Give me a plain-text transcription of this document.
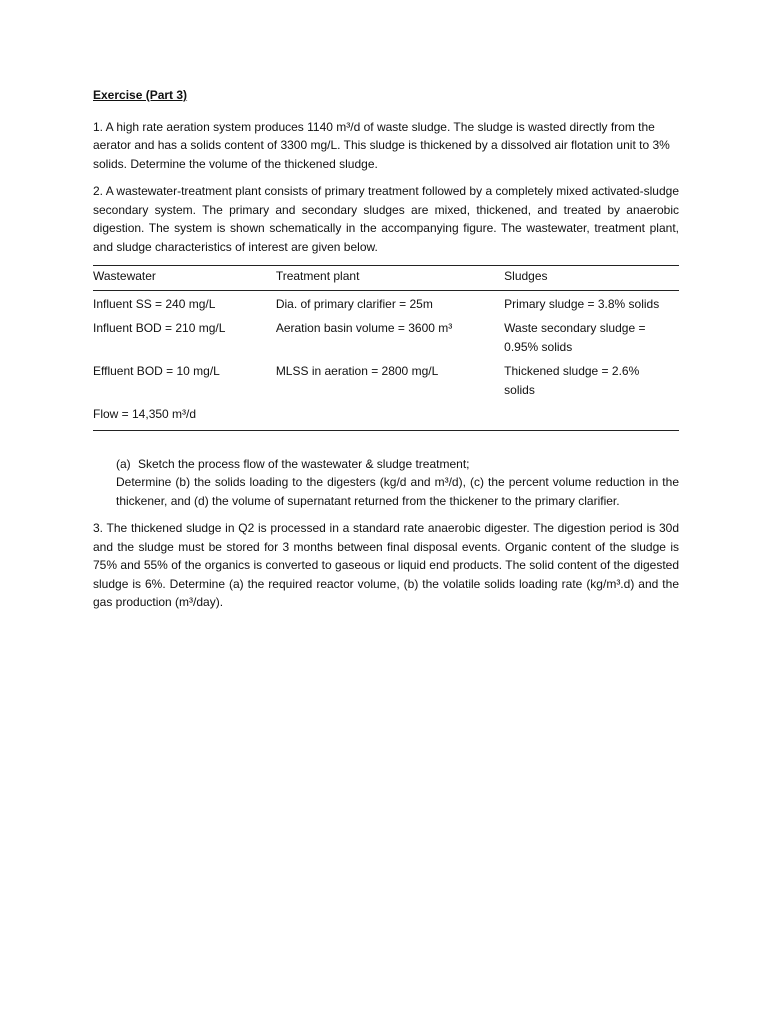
Exercise (Part 3)

1. A high rate aeration system produces 1140 m³/d of waste sludge. The sludge is wasted directly from the aerator and has a solids content of 3300 mg/L. This sludge is thickened by a dissolved air flotation unit to 3% solids. Determine the volume of the thickened sludge.

2. A wastewater-treatment plant consists of primary treatment followed by a completely mixed activated-sludge secondary system. The primary and secondary sludges are mixed, thickened, and treated by anaerobic digestion. The system is shown schematically in the accompanying figure. The wastewater, treatment plant, and sludge characteristics of interest are given below.

Wastewater	Treatment plant	Sludges
Influent SS = 240 mg/L	Dia. of primary clarifier = 25m	Primary sludge = 3.8% solids
Influent BOD = 210 mg/L	Aeration basin volume = 3600 m³	Waste secondary sludge = 0.95% solids
Effluent BOD = 10 mg/L	MLSS in aeration = 2800 mg/L	Thickened sludge = 2.6% solids
Flow = 14,350 m³/d		
(a) Sketch the process flow of the wastewater & sludge treatment;
Determine (b) the solids loading to the digesters (kg/d and m³/d), (c) the percent volume reduction in the thickener, and (d) the volume of supernatant returned from the thickener to the primary clarifier.

3. The thickened sludge in Q2 is processed in a standard rate anaerobic digester. The digestion period is 30d and the sludge must be stored for 3 months between final disposal events. Organic content of the sludge is 75% and 55% of the organics is converted to gaseous or liquid end products. The solid content of the digested sludge is 6%. Determine (a) the required reactor volume, (b) the volatile solids loading rate (kg/m³.d) and the gas production (m³/day).
